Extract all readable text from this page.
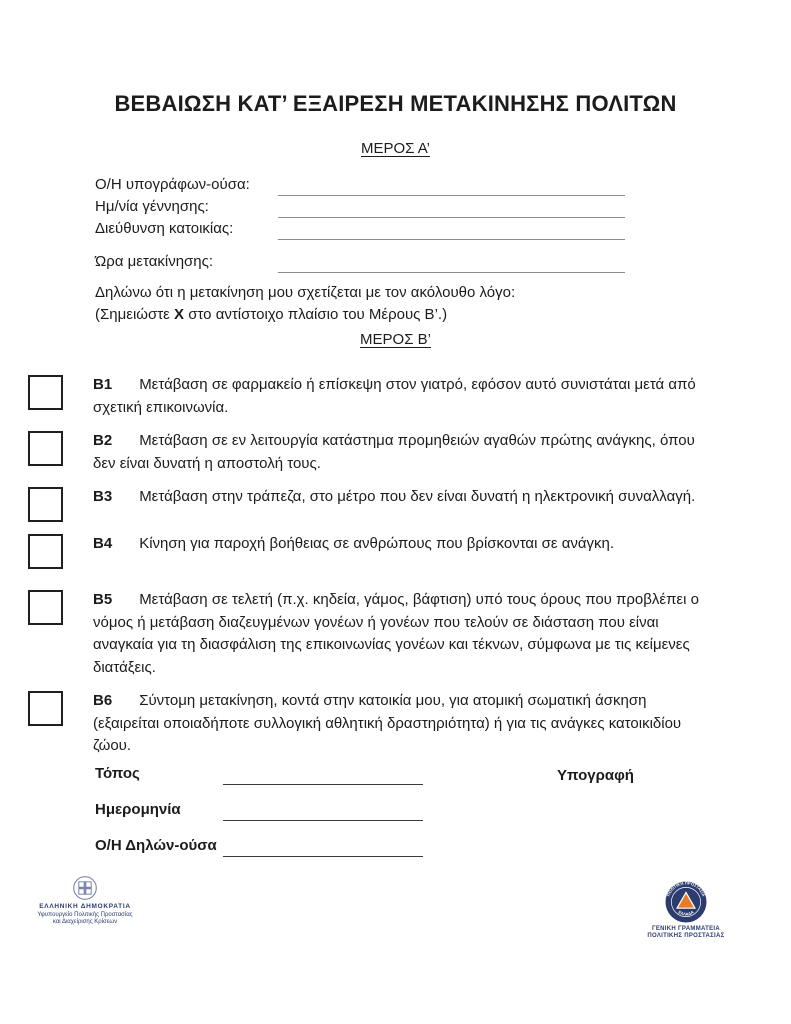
ΒΕΒΑΙΩΣΗ ΚΑΤ’ ΕΞΑΙΡΕΣΗ ΜΕΤΑΚΙΝΗΣΗΣ ΠΟΛΙΤΩΝ
ΜΕΡΟΣ Α’
Ο/Η υπογράφων-ούσα:
Ημ/νία γέννησης:
Διεύθυνση κατοικίας:
Ώρα μετακίνησης:
Δηλώνω ότι η μετακίνηση μου σχετίζεται με τον ακόλουθο λόγο:
(Σημειώστε X στο αντίστοιχο πλαίσιο του Μέρους Β’.)
ΜΕΡΟΣ Β’
B1 Μετάβαση σε φαρμακείο ή επίσκεψη στον γιατρό, εφόσον αυτό συνιστάται μετά από σχετική επικοινωνία.
B2 Μετάβαση σε εν λειτουργία κατάστημα προμηθειών αγαθών πρώτης ανάγκης, όπου δεν είναι δυνατή η αποστολή τους.
B3 Μετάβαση στην τράπεζα, στο μέτρο που δεν είναι δυνατή η ηλεκτρονική συναλλαγή.
B4 Κίνηση για παροχή βοήθειας σε ανθρώπους που βρίσκονται σε ανάγκη.
B5 Μετάβαση σε τελετή (π.χ. κηδεία, γάμος, βάφτιση) υπό τους όρους που προβλέπει ο νόμος ή μετάβαση διαζευγμένων γονέων ή γονέων που τελούν σε διάσταση που είναι αναγκαία για τη διασφάλιση της επικοινωνίας γονέων και τέκνων, σύμφωνα με τις κείμενες διατάξεις.
B6 Σύντομη μετακίνηση, κοντά στην κατοικία μου, για ατομική σωματική άσκηση (εξαιρείται οποιαδήποτε συλλογική αθλητική δραστηριότητα) ή για τις ανάγκες κατοικιδίου ζώου.
Τόπος
Ημερομηνία
Ο/Η Δηλών-ούσα
Υπογραφή
ΕΛΛΗΝΙΚΗ ΔΗΜΟΚΡΑΤΙΑ
Υφυπουργείο Πολιτικής Προστασίας
και Διαχείρισης Κρίσεων
ΠΟΛΙΤΙΚΗ ΠΡΟΣΤΑΣΙΑ
ΕΛΛΑΔΑ
ΓΕΝΙΚΗ ΓΡΑΜΜΑΤΕΙΑ
ΠΟΛΙΤΙΚΗΣ ΠΡΟΣΤΑΣΙΑΣ
